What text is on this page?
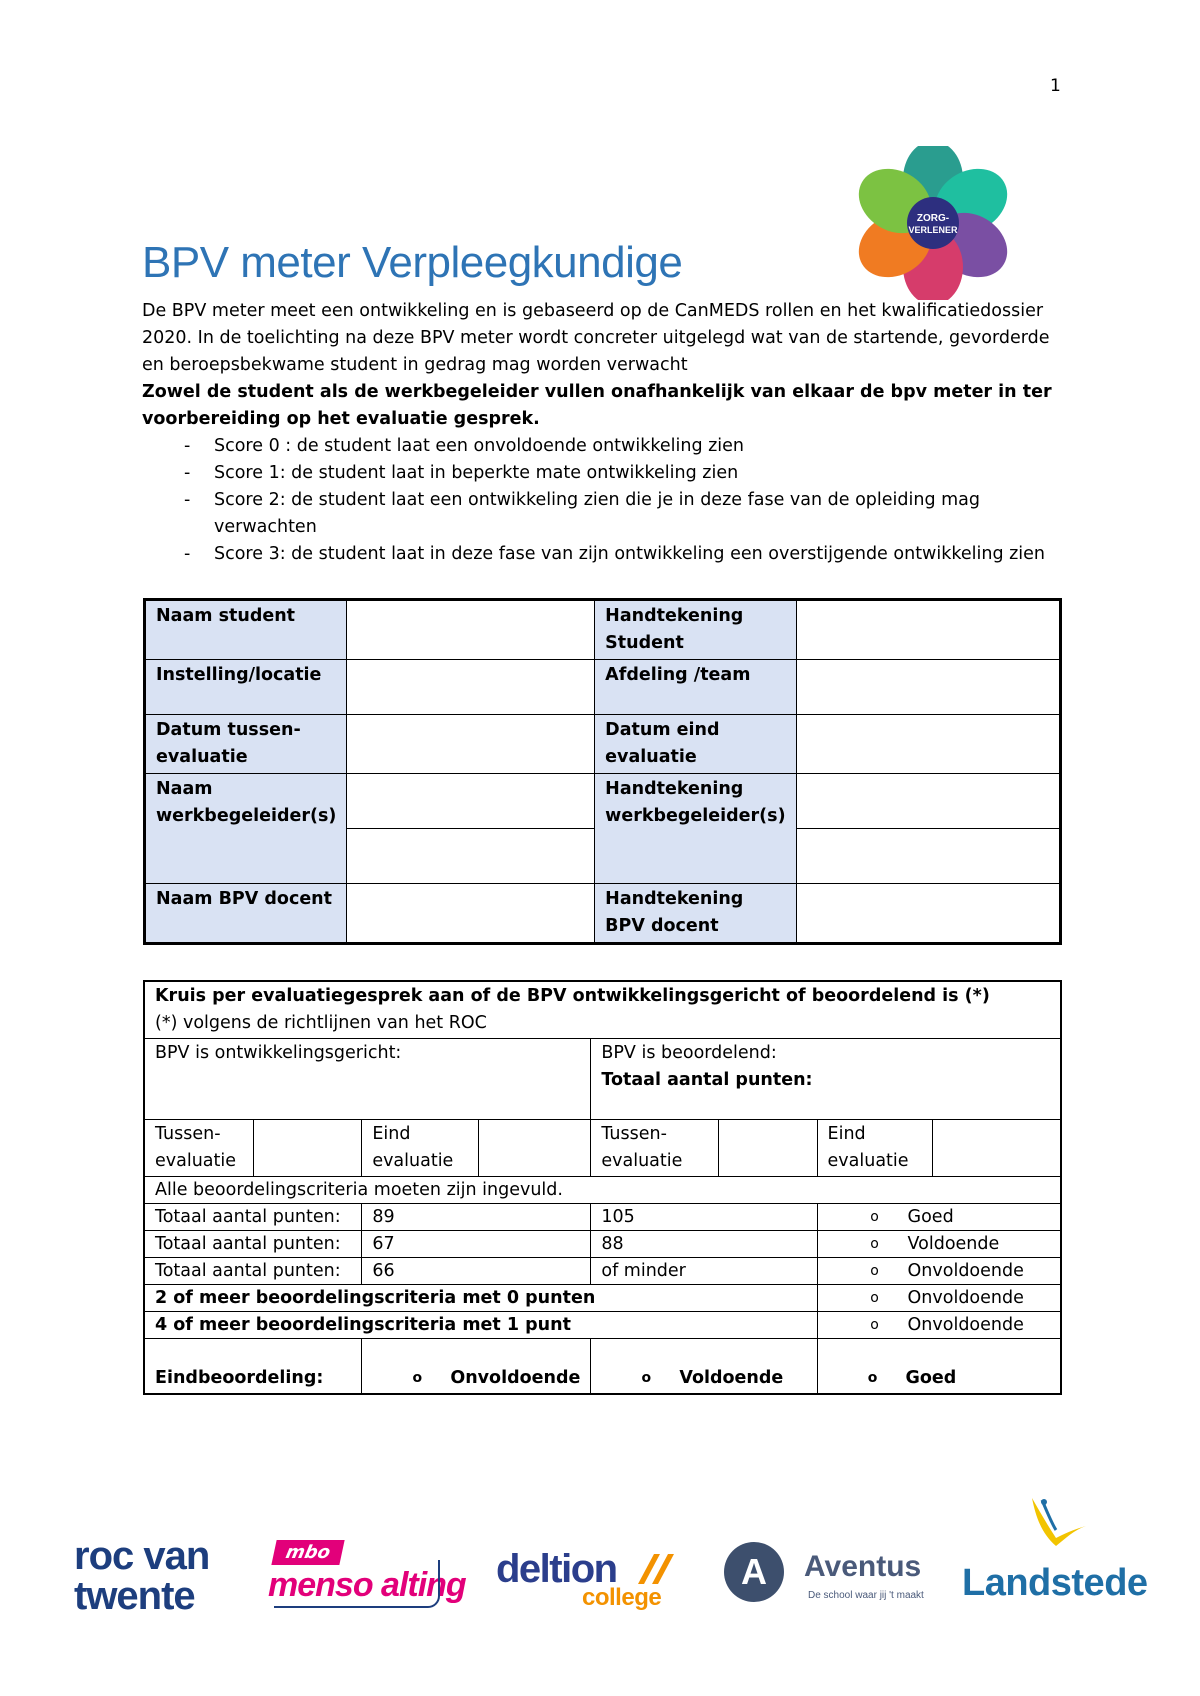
1
ZORG-
VERLENER
BPV meter Verpleegkundige

De BPV meter meet een ontwikkeling en is gebaseerd op de CanMEDS rollen en het kwalificatiedossier 2020. In de toelichting na deze BPV meter wordt concreter uitgelegd wat van de startende, gevorderde en beroepsbekwame student in gedrag mag worden verwacht

Zowel de student als de werkbegeleider vullen onafhankelijk van elkaar de bpv meter in ter voorbereiding op het evaluatie gesprek.

- Score 0 : de student laat een onvoldoende ontwikkeling zien
- Score 1: de student laat in beperkte mate ontwikkeling zien
- Score 2: de student laat een ontwikkeling zien die je in deze fase van de opleiding mag verwachten
- Score 3: de student laat in deze fase van zijn ontwikkeling een overstijgende ontwikkeling zien
Naam student		Handtekening Student	
Instelling/locatie		Afdeling /team	
Datum tussen-evaluatie		Datum eind evaluatie	
Naam werkbegeleider(s)		Handtekening werkbegeleider(s)	

Naam BPV docent		Handtekening BPV docent	
Kruis per evaluatiegesprek aan of de BPV ontwikkelingsgericht of beoordelend is (*)
(*) volgens de richtlijnen van het ROC							

BPV is ontwikkelingsgericht:				BPV is beoordelend:
Totaal aantal punten:			

Tussen-evaluatie		Eind evaluatie		Tussen-evaluatie		Eind evaluatie	
Alle beoordelingscriteria moeten zijn ingevuld.							
Totaal aantal punten:		89		105		o Goed	

Totaal aantal punten:		67		88		o Voldoende	

Totaal aantal punten:		66		of minder		o Onvoldoende	

2 of meer beoordelingscriteria met 0 punten						o Onvoldoende	

4 of meer beoordelingscriteria met 1 punt						o Onvoldoende	

Eindbeoordeling:		o Onvoldoende		o Voldoende		o Goed	
roc van
twente
mbo
menso alting deltion
college
A	Aventus
De school waar jij 't maakt Landstede
